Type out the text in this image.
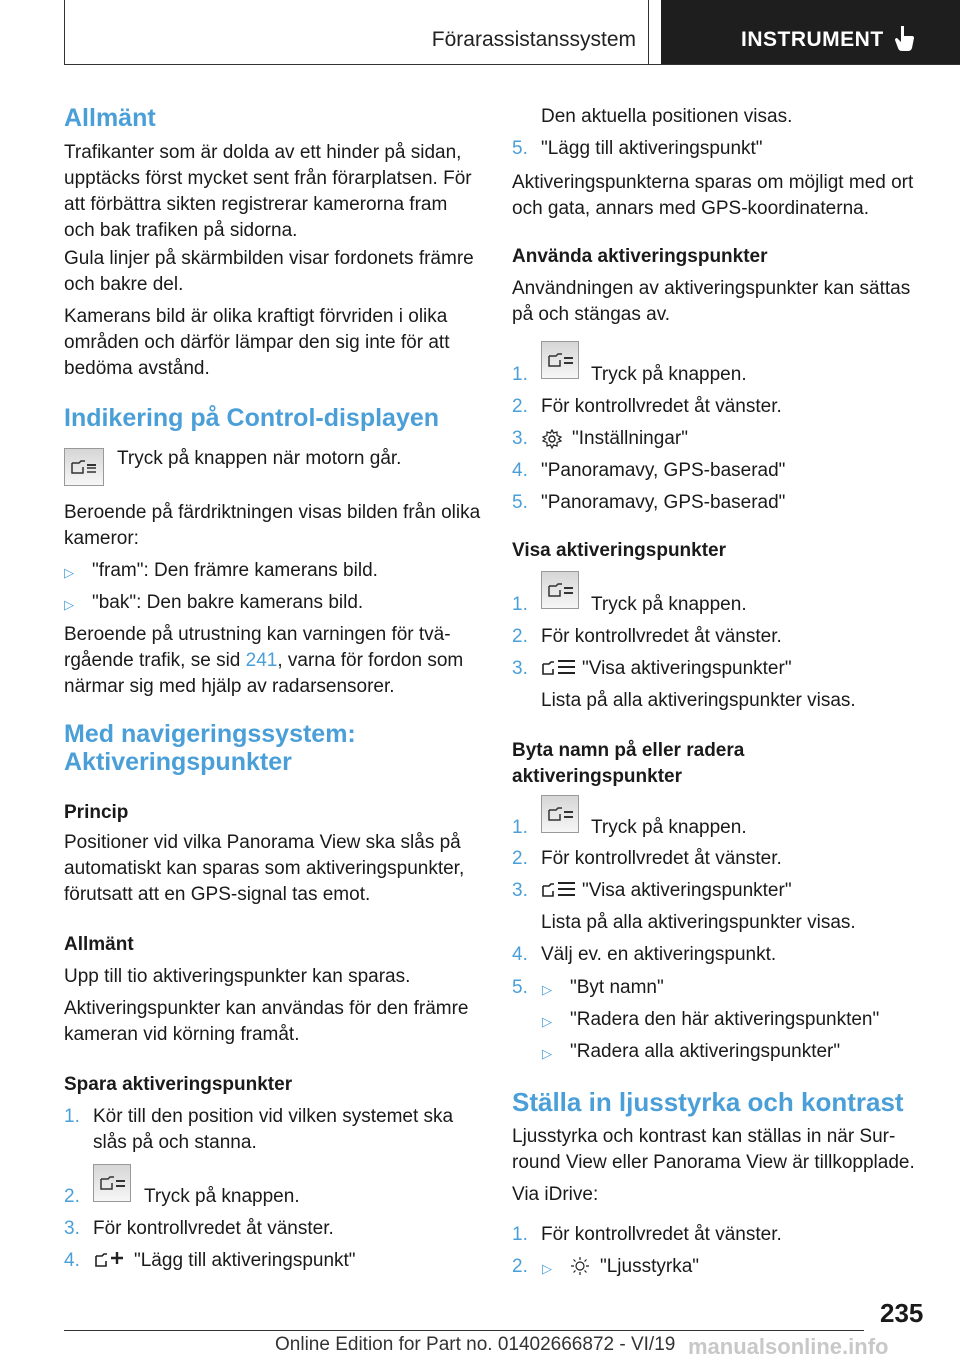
Förarassistanssystem	INSTRUMENT
Allmänt
Trafikanter som är dolda av ett hinder på sidan,
upptäcks först mycket sent från förarplatsen. För
att förbättra sikten registrerar kamerorna fram
och bak trafiken på sidorna.
Gula linjer på skärmbilden visar fordonets främre
och bakre del.
Kamerans bild är olika kraftigt förvriden i olika
områden och därför lämpar den sig inte för att
bedöma avstånd.
Indikering på Control-displayen
Tryck på knappen när motorn går.
Beroende på färdriktningen visas bilden från olika
kameror:
▷ "fram": Den främre kamerans bild.
▷ "bak": Den bakre kamerans bild.
Beroende på utrustning kan varningen för tvä-
rgående trafik, se sid 241, varna för fordon som
närmar sig med hjälp av radarsensorer.
Med navigeringssystem:
Aktiveringspunkter
Princip
Positioner vid vilka Panorama View ska slås på
automatiskt kan sparas som aktiveringspunkter,
förutsatt att en GPS-signal tas emot.
Allmänt
Upp till tio aktiveringspunkter kan sparas.
Aktiveringspunkter kan användas för den främre
kameran vid körning framåt.
Spara aktiveringspunkter
1. Kör till den position vid vilken systemet ska
slås på och stanna.
2.	Tryck på knappen.
3. För kontrollvredet åt vänster.
4.	"Lägg till aktiveringspunkt"
Den aktuella positionen visas.
5. "Lägg till aktiveringspunkt"
Aktiveringspunkterna sparas om möjligt med ort
och gata, annars med GPS-koordinaterna.
Använda aktiveringspunkter
Användningen av aktiveringspunkter kan sättas
på och stängas av.
1.	Tryck på knappen.
2. För kontrollvredet åt vänster.
3. "Inställningar"
4. "Panoramavy, GPS-baserad"
5. "Panoramavy, GPS-baserad"
Visa aktiveringspunkter
1.	Tryck på knappen.
2. För kontrollvredet åt vänster.
3.	"Visa aktiveringspunkter"
Lista på alla aktiveringspunkter visas.
Byta namn på eller radera
aktiveringspunkter
1.	Tryck på knappen.
2. För kontrollvredet åt vänster.
3.	"Visa aktiveringspunkter"
Lista på alla aktiveringspunkter visas.
4. Välj ev. en aktiveringspunkt.
5. ▷ "Byt namn"
▷ "Radera den här aktiveringspunkten"
▷ "Radera alla aktiveringspunkter"
Ställa in ljusstyrka och kontrast
Ljusstyrka och kontrast kan ställas in när Sur-
round View eller Panorama View är tillkopplade.
Via iDrive:
1. För kontrollvredet åt vänster.
2. ▷	"Ljusstyrka"
235
Online Edition for Part no. 01402666872 - VI/19 manualsonline.info
